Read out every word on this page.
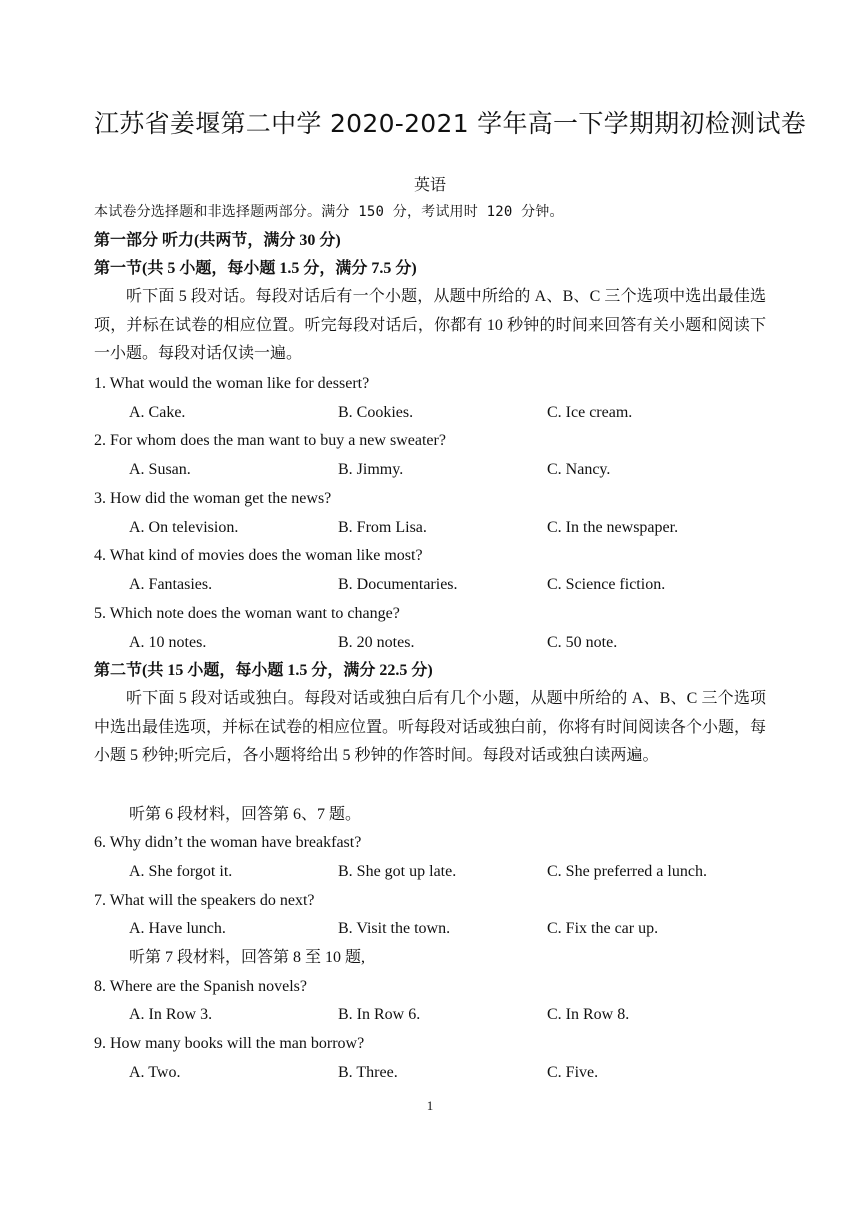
江苏省姜堰第二中学 2020-2021 学年高一下学期期初检测试卷
英语
本试卷分选择题和非选择题两部分。满分 150 分，考试用时 120 分钟。
第一部分 听力(共两节，满分 30 分)
第一节(共 5 小题，每小题 1.5 分，满分 7.5 分)
听下面 5 段对话。每段对话后有一个小题，从题中所给的 A、B、C 三个选项中选出最佳选项，并标在试卷的相应位置。听完每段对话后，你都有 10 秒钟的时间来回答有关小题和阅读下一小题。每段对话仅读一遍。
1. What would the woman like for dessert?
A. Cake.	B. Cookies.	C. Ice cream.
2. For whom does the man want to buy a new sweater?
A. Susan.	B. Jimmy.	C. Nancy.
3. How did the woman get the news?
A. On television.	B. From Lisa.	C. In the newspaper.
4. What kind of movies does the woman like most?
A. Fantasies.	B. Documentaries.	C. Science fiction.
5. Which note does the woman want to change?
A. 10 notes.	B. 20 notes.	C. 50 note.
第二节(共 15 小题，每小题 1.5 分，满分 22.5 分)
听下面 5 段对话或独白。每段对话或独白后有几个小题，从题中所给的 A、B、C 三个选项中选出最佳选项，并标在试卷的相应位置。听每段对话或独白前，你将有时间阅读各个小题，每小题 5 秒钟;听完后，各小题将给出 5 秒钟的作答时间。每段对话或独白读两遍。
听第 6 段材料，回答第 6、7 题。
6. Why didn’t the woman have breakfast?
A. She forgot it.	B. She got up late.	C. She preferred a lunch.
7. What will the speakers do next?
A. Have lunch.	B. Visit the town.	C. Fix the car up.
听第 7 段材料，回答第 8 至 10 题,
8. Where are the Spanish novels?
A. In Row 3.	B. In Row 6.	C. In Row 8.
9. How many books will the man borrow?
A. Two.	B. Three.	C. Five.
1
